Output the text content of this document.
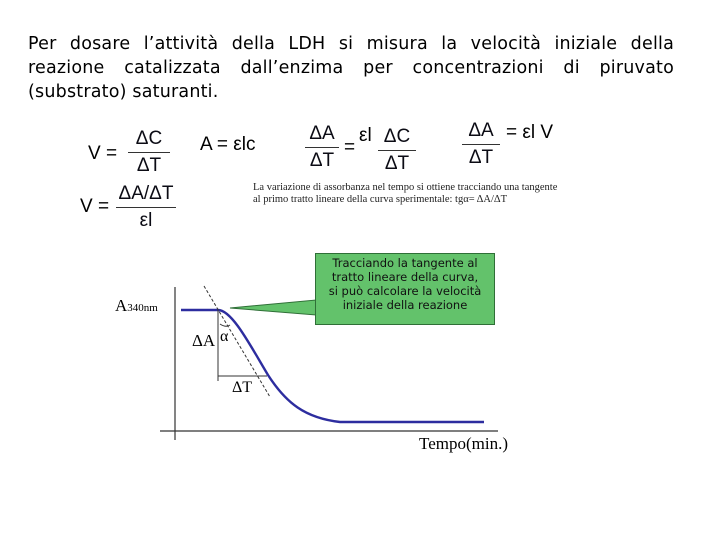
Per dosare l’attività della LDH si misura la velocità iniziale della reazione catalizzata dall’enzima per concentrazioni di piruvato (substrato) saturanti.
V =
ΔC
ΔT
A = εlc
ΔA
ΔT
=
εl ΔC
ΔT
ΔA
ΔT
= εl V
V =
ΔA/ΔT
εl
La variazione di assorbanza nel tempo si ottiene tracciando una tangente al primo tratto lineare della curva sperimentale: tgα= ΔA/ΔT
A340nm
ΔA α
ΔT
Tempo(min.)
Tracciando la tangente al
tratto lineare della curva,
si può calcolare la velocità
iniziale della reazione
